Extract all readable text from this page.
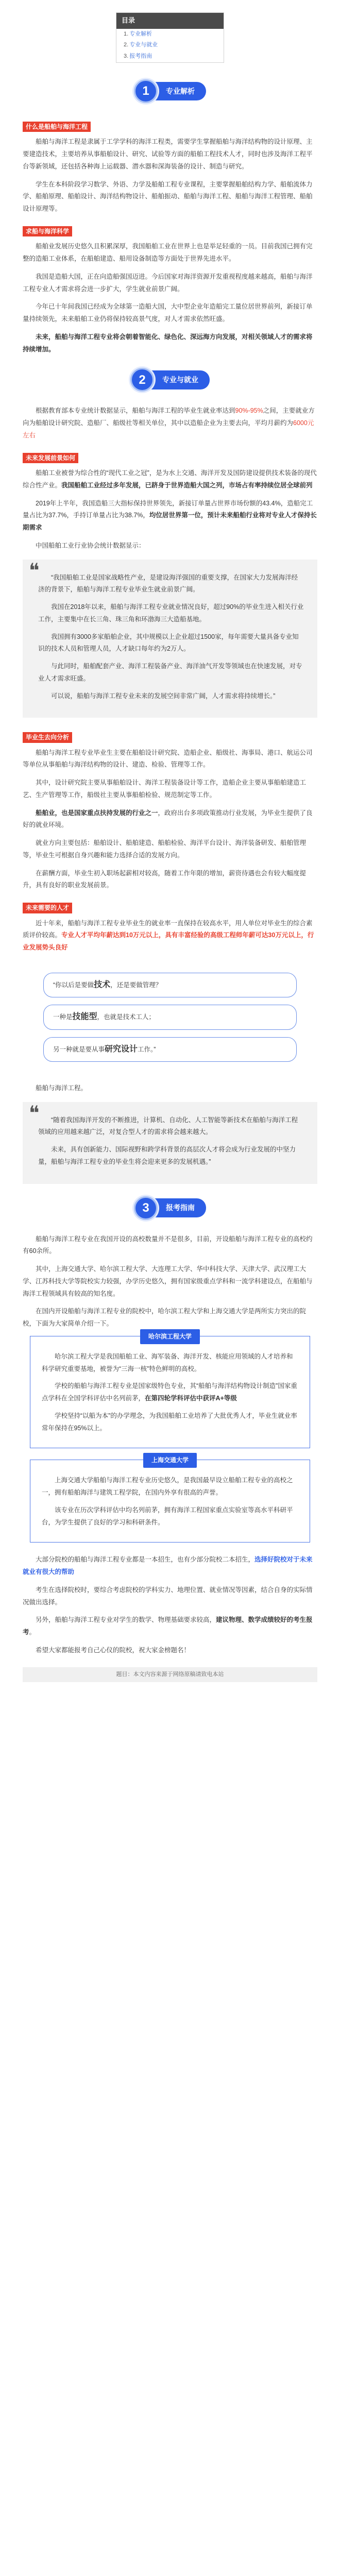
目录
1. 专业解析
2. 专业与就业
3. 报考指南
1	专业解析
什么是船舶与海洋工程

船舶与海洋工程是隶属于工学学科的海洋工程类，需要学生掌握船舶与海洋结构物的设计原理、主要建造技术，主要培养从事船舶设计、研究、试验等方面的船舶工程技术人才，同时也涉及海洋工程平台等新领域，还包括各种海上运载器、潜水器和深海装备的设计、制造与研究。

学生在本科阶段学习数学、外语、力学及船舶工程专业课程，主要掌握船舶结构力学、船舶流体力学、船舶原理、船舶设计、海洋结构物设计、船舶振动、船舶与海洋工程、船舶与海洋工程管理、船舶设计原理等。

求船与海洋科学

船舶业发展历史悠久且积累深厚，我国船舶工业在世界上也是举足轻重的一员。目前我国已拥有完整的造船工业体系，在船舶建造、船用设备制造等方面处于世界先进水平。

我国是造船大国，正在向造船强国迈进。今后国家对海洋资源开发重视程度越来越高，船舶与海洋工程专业人才需求将会进一步扩大，学生就业前景广阔。

今年已十年间我国已经成为全球第一造船大国，大中型企业年造船完工量位居世界前列，新接订单量持续领先，未来船舶工业仍将保持较高景气度，对人才需求依然旺盛。

未来，船舶与海洋工程专业将会朝着智能化、绿色化、深远海方向发展，对相关领域人才的需求将持续增加。

2	专业与就业

根据教育部本专业统计数据显示，船舶与海洋工程的毕业生就业率达到90%-95%之间，主要就业方向为船舶设计研究院、造船厂、船级社等相关单位，其中以造船企业为主要去向，平均月薪约为6000元左右

未来发展前景如何

船舶工业被誉为综合性的“现代工业之冠”，是为水上交通、海洋开发及国防建设提供技术装备的现代综合性产业。我国船舶工业经过多年发展，已跻身于世界造船大国之列，市场占有率持续位居全球前列

2019年上半年，我国造船三大指标保持世界领先，新接订单量占世界市场份额的43.4%，造船完工量占比为37.7%，手持订单量占比为38.7%，均位居世界第一位，预计未来船舶行业将对专业人才保持长期需求

中国船舶工业行业协会统计数据显示：

❝	“我国船舶工业是国家战略性产业，是建设海洋强国的重要支撑，在国家大力发展海洋经济的背景下，船舶与海洋工程专业毕业生就业前景广阔。

我国在2018年以来，船舶与海洋工程专业就业情况良好，超过90%的毕业生进入相关行业工作，主要集中在长三角、珠三角和环渤海三大造船基地。

我国拥有3000多家船舶企业，其中规模以上企业超过1500家，每年需要大量具备专业知识的技术人员和管理人员，人才缺口每年约为2万人。

与此同时，船舶配套产业、海洋工程装备产业、海洋油气开发等领域也在快速发展，对专业人才需求旺盛。

可以说，船舶与海洋工程专业未来的发展空间非常广阔，人才需求将持续增长。”

毕业生去向分析

船舶与海洋工程专业毕业生主要在船舶设计研究院、造船企业、船级社、海事局、港口、航运公司等单位从事船舶与海洋结构物的设计、建造、检验、管理等工作。

其中，设计研究院主要从事船舶设计、海洋工程装备设计等工作，造船企业主要从事船舶建造工艺、生产管理等工作，船级社主要从事船舶检验、规范制定等工作。

船舶业，也是国家重点扶持发展的行业之一，政府出台多项政策推动行业发展，为毕业生提供了良好的就业环境。

就业方向主要包括：船舶设计、船舶建造、船舶检验、海洋平台设计、海洋装备研发、船舶管理等，毕业生可根据自身兴趣和能力选择合适的发展方向。

在薪酬方面，毕业生初入职场起薪相对较高，随着工作年限的增加，薪资待遇也会有较大幅度提升，具有良好的职业发展前景。

未来需要的人才

近十年来，船舶与海洋工程专业毕业生的就业率一直保持在较高水平，用人单位对毕业生的综合素质评价较高。专业人才平均年薪达到10万元以上，具有丰富经验的高级工程师年薪可达30万元以上，行业发展势头良好

“你以后是要做技术，还是要做管理？
一种是技能型，也就是技术工人；
另一种就是要从事研究设计工作。”

船舶与海洋工程。

❝	“随着我国海洋开发的不断推进，计算机、自动化、人工智能等新技术在船舶与海洋工程领域的应用越来越广泛，对复合型人才的需求将会越来越大。

未来，具有创新能力、国际视野和跨学科背景的高层次人才将会成为行业发展的中坚力量，船舶与海洋工程专业的毕业生将会迎来更多的发展机遇。”

3	报考指南

船舶与海洋工程专业在我国开设的高校数量并不是很多，目前，开设船舶与海洋工程专业的高校约有60余所。

其中，上海交通大学、哈尔滨工程大学、大连理工大学、华中科技大学、天津大学、武汉理工大学、江苏科技大学等院校实力较强，办学历史悠久，拥有国家级重点学科和一流学科建设点，在船舶与海洋工程领域具有较高的知名度。

在国内开设船舶与海洋工程专业的院校中，哈尔滨工程大学和上海交通大学是两所实力突出的院校，下面为大家简单介绍一下。

哈尔滨工程大学

哈尔滨工程大学是我国船舶工业、海军装备、海洋开发、核能应用领域的人才培养和科学研究重要基地，被誉为“三海一核”特色鲜明的高校。

学校的船舶与海洋工程专业是国家级特色专业，其“船舶与海洋结构物设计制造”国家重点学科在全国学科评估中名列前茅，在第四轮学科评估中获评A+等级

学校坚持“以船为本”的办学理念，为我国船舶工业培养了大批优秀人才，毕业生就业率常年保持在95%以上。

上海交通大学

上海交通大学船舶与海洋工程专业历史悠久，是我国最早设立船舶工程专业的高校之一，拥有船舶海洋与建筑工程学院，在国内外享有很高的声誉。

该专业在历次学科评估中均名列前茅，拥有海洋工程国家重点实验室等高水平科研平台，为学生提供了良好的学习和科研条件。

大部分院校的船舶与海洋工程专业都是一本招生，也有少部分院校二本招生，选择好院校对于未来就业有很大的帮助

考生在选择院校时，要综合考虑院校的学科实力、地理位置、就业情况等因素，结合自身的实际情况做出选择。

另外，船舶与海洋工程专业对学生的数学、物理基础要求较高，建议物理、数学成绩较好的考生报考。

希望大家都能报考自己心仪的院校，祝大家金榜题名！

题目：本文内容来源于网络原稿请致电本站
